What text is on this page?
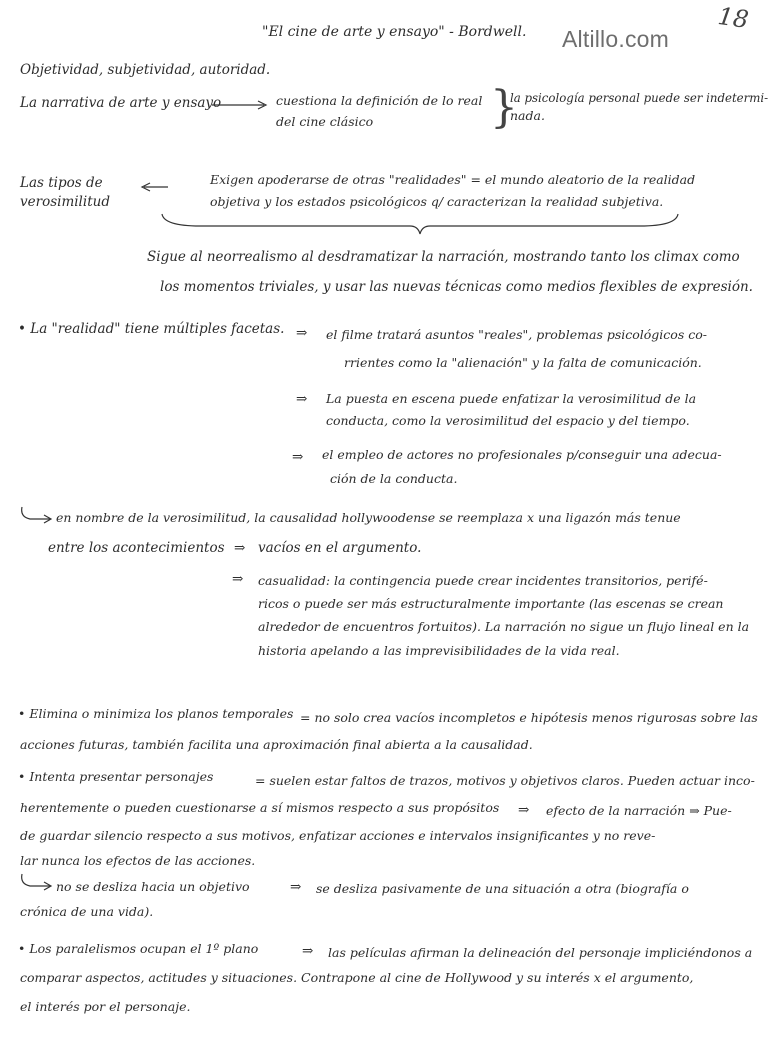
"El cine de arte y ensayo" - Bordwell. Altillo.com
18
Objetividad, subjetividad, autoridad.
La narrativa de arte y ensayo	cuestiona la definición de lo real
del cine clásico	}
la psicología personal puede ser indetermi-
nada.
Las tipos de
verosimilitud
Exigen apoderarse de otras "realidades" = el mundo aleatorio de la realidad
objetiva y los estados psicológicos q/ caracterizan la realidad subjetiva.
Sigue al neorrealismo al desdramatizar la narración, mostrando tanto los climax como
los momentos triviales, y usar las nuevas técnicas como medios flexibles de expresión.
• La "realidad" tiene múltiples facetas. ⇒ el filme tratará asuntos "reales", problemas psicológicos co-
rrientes como la "alienación" y la falta de comunicación.
⇒ La puesta en escena puede enfatizar la verosimilitud de la
conducta, como la verosimilitud del espacio y del tiempo.
⇒ el empleo de actores no profesionales p/conseguir una adecua-
ción de la conducta.
en nombre de la verosimilitud, la causalidad hollywoodense se reemplaza x una ligazón más tenue
entre los acontecimientos ⇒ vacíos en el argumento.
⇒ casualidad: la contingencia puede crear incidentes transitorios, perifé-
ricos o puede ser más estructuralmente importante (las escenas se crean
alrededor de encuentros fortuitos). La narración no sigue un flujo lineal en la
historia apelando a las imprevisibilidades de la vida real.
• Elimina o minimiza los planos temporales = no solo crea vacíos incompletos e hipótesis menos rigurosas sobre las
acciones futuras, también facilita una aproximación final abierta a la causalidad.
• Intenta presentar personajes	= suelen estar faltos de trazos, motivos y objetivos claros. Pueden actuar inco-
herentemente o pueden cuestionarse a sí mismos respecto a sus propósitos ⇒ efecto de la narración ⇒ Pue-
de guardar silencio respecto a sus motivos, enfatizar acciones e intervalos insignificantes y no reve-
lar nunca los efectos de las acciones.
no se desliza hacia un objetivo	⇒ se desliza pasivamente de una situación a otra (biografía o
crónica de una vida).
• Los paralelismos ocupan el 1º plano	⇒ las películas afirman la delineación del personaje impliciéndonos a
comparar aspectos, actitudes y situaciones. Contrapone al cine de Hollywood y su interés x el argumento,
el interés por el personaje.
